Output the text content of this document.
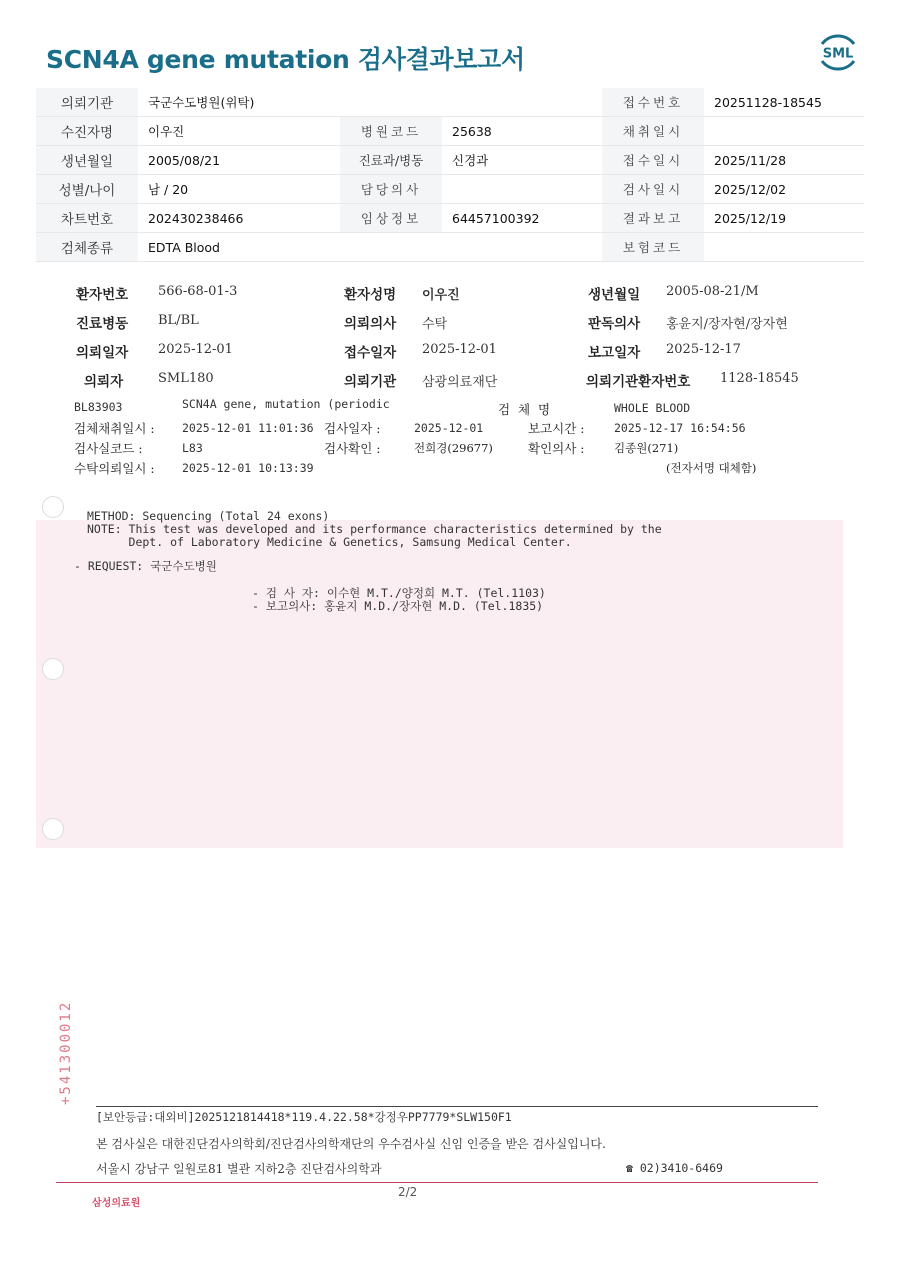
SCN4A gene mutation 검사결과보고서	SML
의뢰기관	국군수도병원(위탁)			접수번호	20251128-18545
수진자명	이우진	병원코드	25638	채취일시	
생년월일	2005/08/21	진료과/병동	신경과	접수일시	2025/11/28
성별/나이	남 / 20	담당의사		검사일시	2025/12/02
차트번호	202430238466	임상정보	64457100392	결과보고	2025/12/19
검체종류	EDTA Blood			보험코드	
환자번호 566-68-01-3	환자성명 이우진	생년월일 2005-08-21/M
진료병동 BL/BL	의뢰의사 수탁	판독의사 홍윤지/장자현/장자현
의뢰일자 2025-12-01	접수일자 2025-12-01	보고일자 2025-12-17
의뢰자	SML180	의뢰기관 삼광의료재단	의뢰기관환자번호 1128-18545
BL83903	SCN4A gene, mutation (periodic	검  체  명	WHOLE BLOOD
검체채취일시 : 2025-12-01 11:01:36 검사일자 :	2025-12-01	보고시간 :	2025-12-17 16:54:56
검사실코드 :	L83	검사확인 :	전희경(29677)	확인의사 :	김종원(271)
수탁의뢰일시 : 2025-12-01 10:13:39	(전자서명 대체함)
METHOD: Sequencing (Total 24 exons)
NOTE: This test was developed and its performance characteristics determined by the
Dept. of Laboratory Medicine & Genetics, Samsung Medical Center.
- REQUEST: 국군수도병원
- 검 사 자: 이수현 M.T./양정희 M.T. (Tel.1103)
- 보고의사: 홍윤지 M.D./장자현 M.D. (Tel.1835)
+541300012
[보안등급:대외비]2025121814418*119.4.22.58*강정우PP7779*SLW150F1
본 검사실은 대한진단검사의학회/진단검사의학재단의 우수검사실 신임 인증을 받은 검사실입니다.
서울시 강남구 일원로81 별관 지하2층 진단검사의학과	☎ 02)3410-6469
2/2
삼성의료원
